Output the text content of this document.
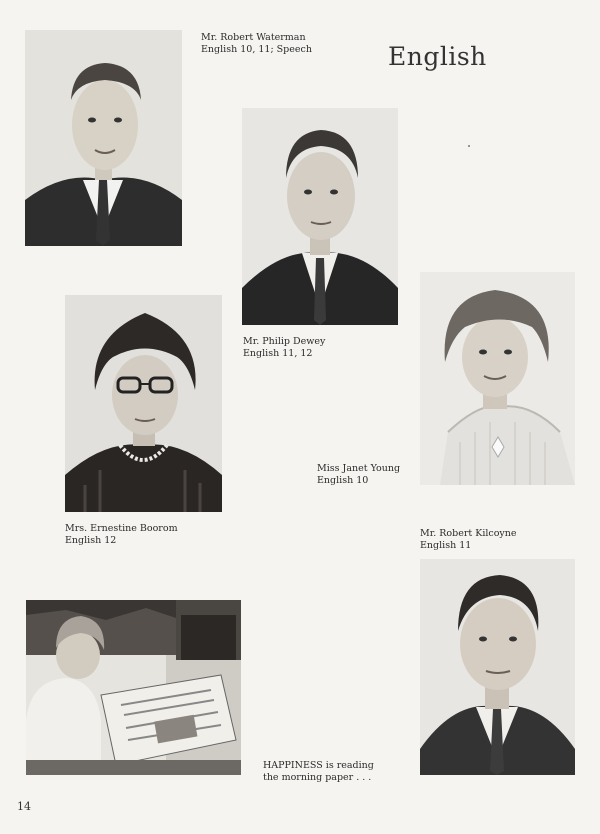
English
Mr. Robert Waterman
English 10, 11; Speech
Mr. Philip Dewey
English 11, 12
Mrs. Ernestine Boorom
English 12
Miss Janet Young
English 10
Mr. Robert Kilcoyne
English 11
HAPPINESS is reading
the morning paper . . .
14
